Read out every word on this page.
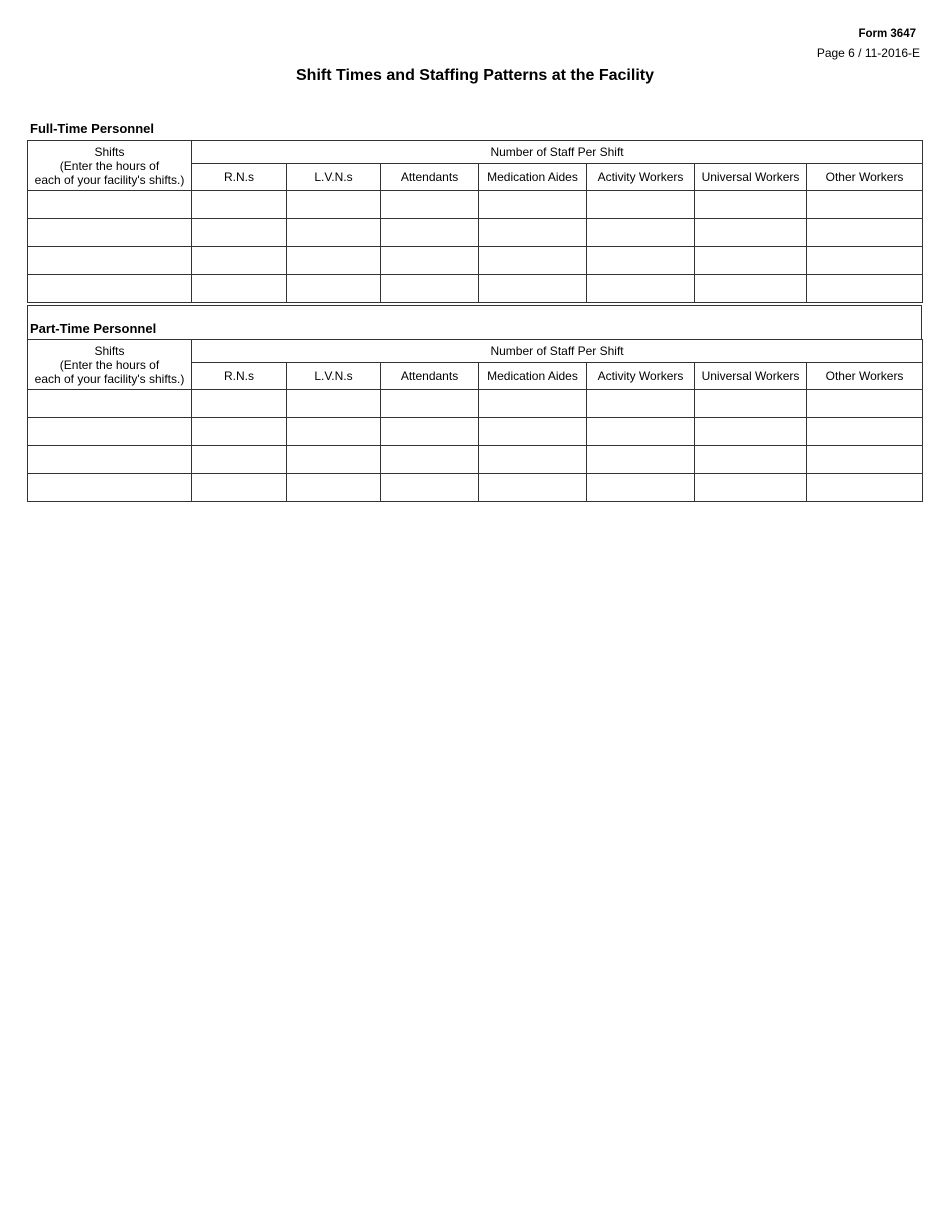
Form 3647
Page 6 / 11-2016-E
Shift Times and Staffing Patterns at the Facility
Full-Time Personnel
Shifts
(Enter the hours of
each of your facility's shifts.)	Number of Staff Per Shift						
	R.N.s	L.V.N.s	Attendants	Medication Aides	Activity Workers	Universal Workers	Other Workers

Part-Time Personnel
Shifts
(Enter the hours of
each of your facility's shifts.)	Number of Staff Per Shift						
	R.N.s	L.V.N.s	Attendants	Medication Aides	Activity Workers	Universal Workers	Other Workers
